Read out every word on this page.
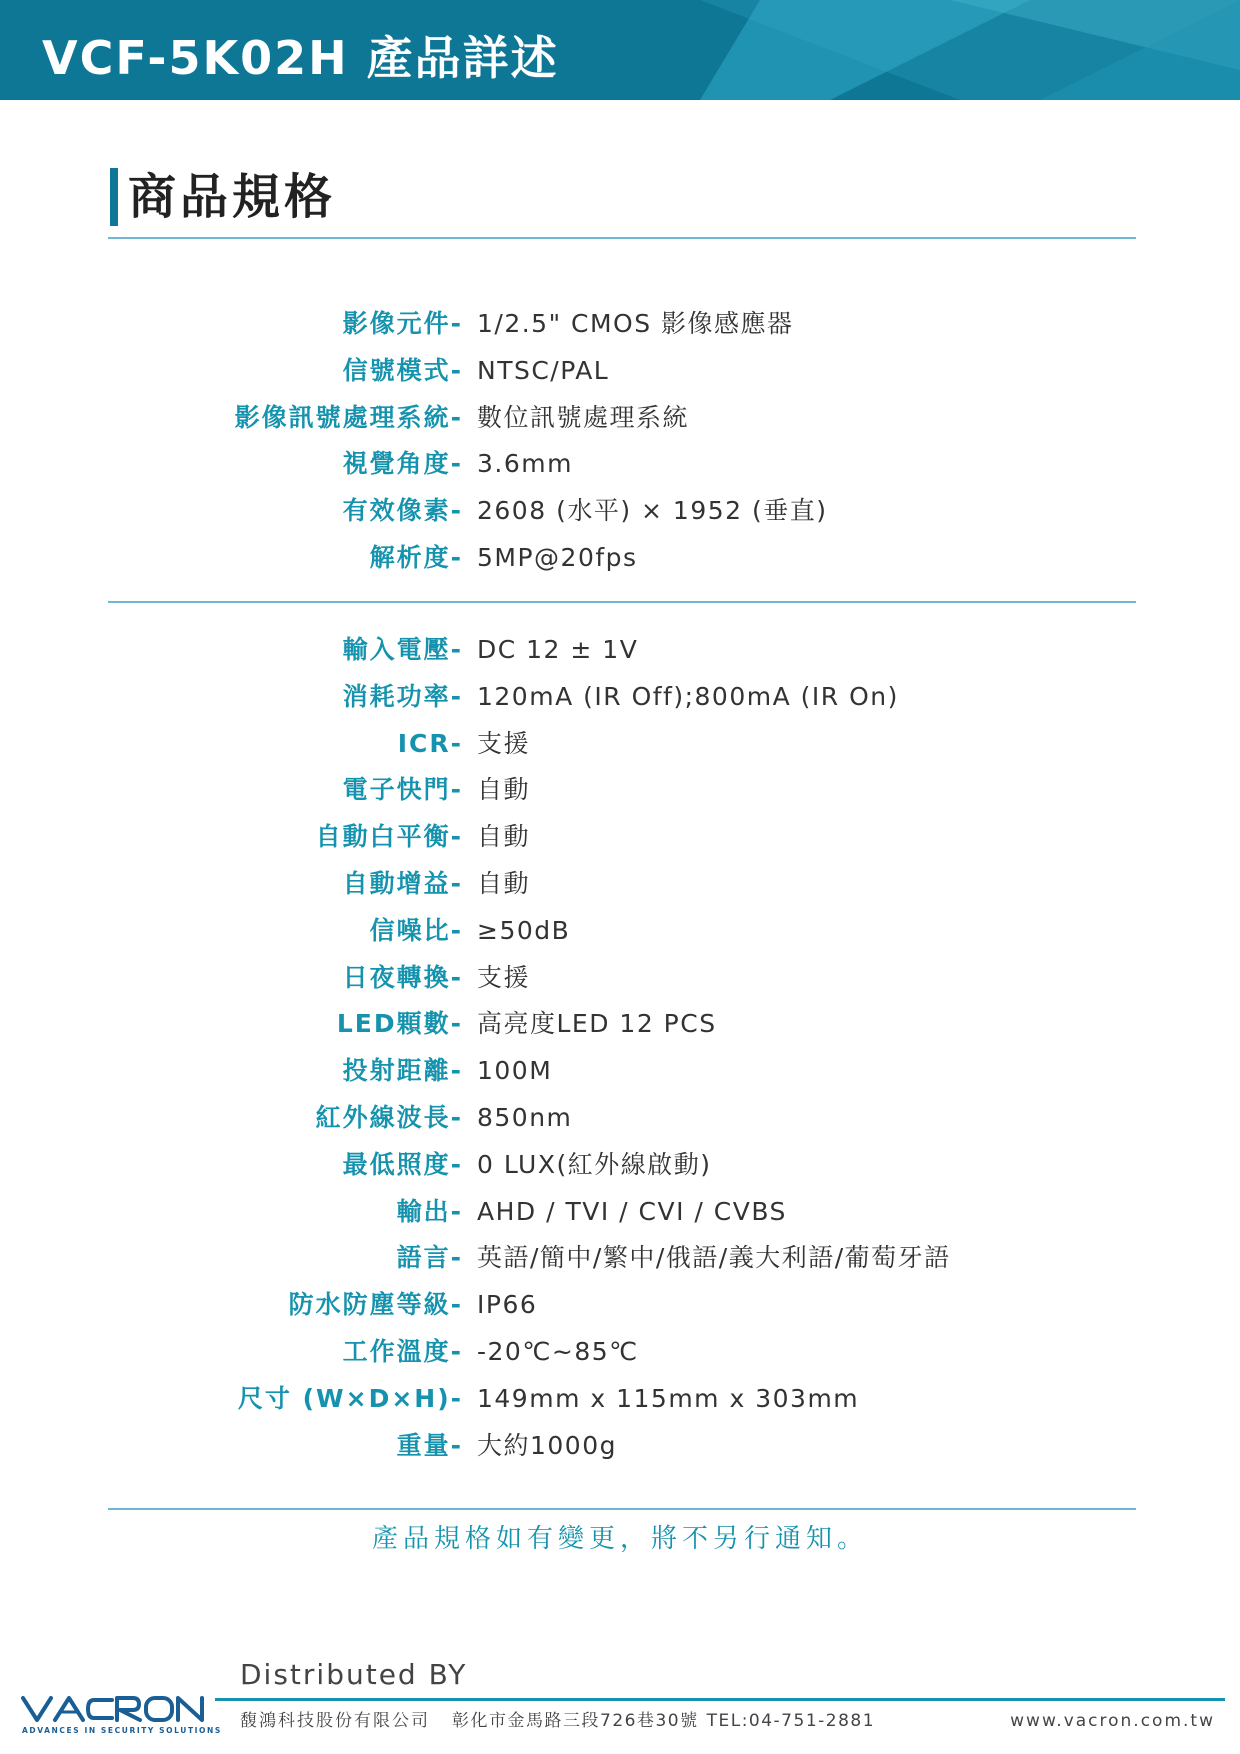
VCF-5K02H 產品詳述
商品規格
影像元件- 1/2.5" CMOS 影像感應器
信號模式- NTSC/PAL
影像訊號處理系統- 數位訊號處理系統
視覺角度- 3.6mm
有效像素- 2608 (水平) × 1952 (垂直)
解析度- 5MP@20fps
輸入電壓- DC 12 ± 1V
消耗功率- 120mA (IR Off);800mA (IR On)
ICR- 支援
電子快門- 自動
自動白平衡- 自動
自動增益- 自動
信噪比- ≥50dB
日夜轉換- 支援
LED顆數- 高亮度LED 12 PCS
投射距離- 100M
紅外線波長- 850nm
最低照度- 0 LUX(紅外線啟動)
輸出- AHD / TVI / CVI / CVBS
語言- 英語/簡中/繁中/俄語/義大利語/葡萄牙語
防水防塵等級- IP66
工作溫度- -20℃~85℃
尺寸 (W×D×H)- 149mm x 115mm x 303mm
重量- 大約1000g
產品規格如有變更，將不另行通知。
Distributed BY
ADVANCES IN SECURITY SOLUTIONS 馥鴻科技股份有限公司 彰化市金馬路三段726巷30號 TEL:04-751-2881	www.vacron.com.tw
